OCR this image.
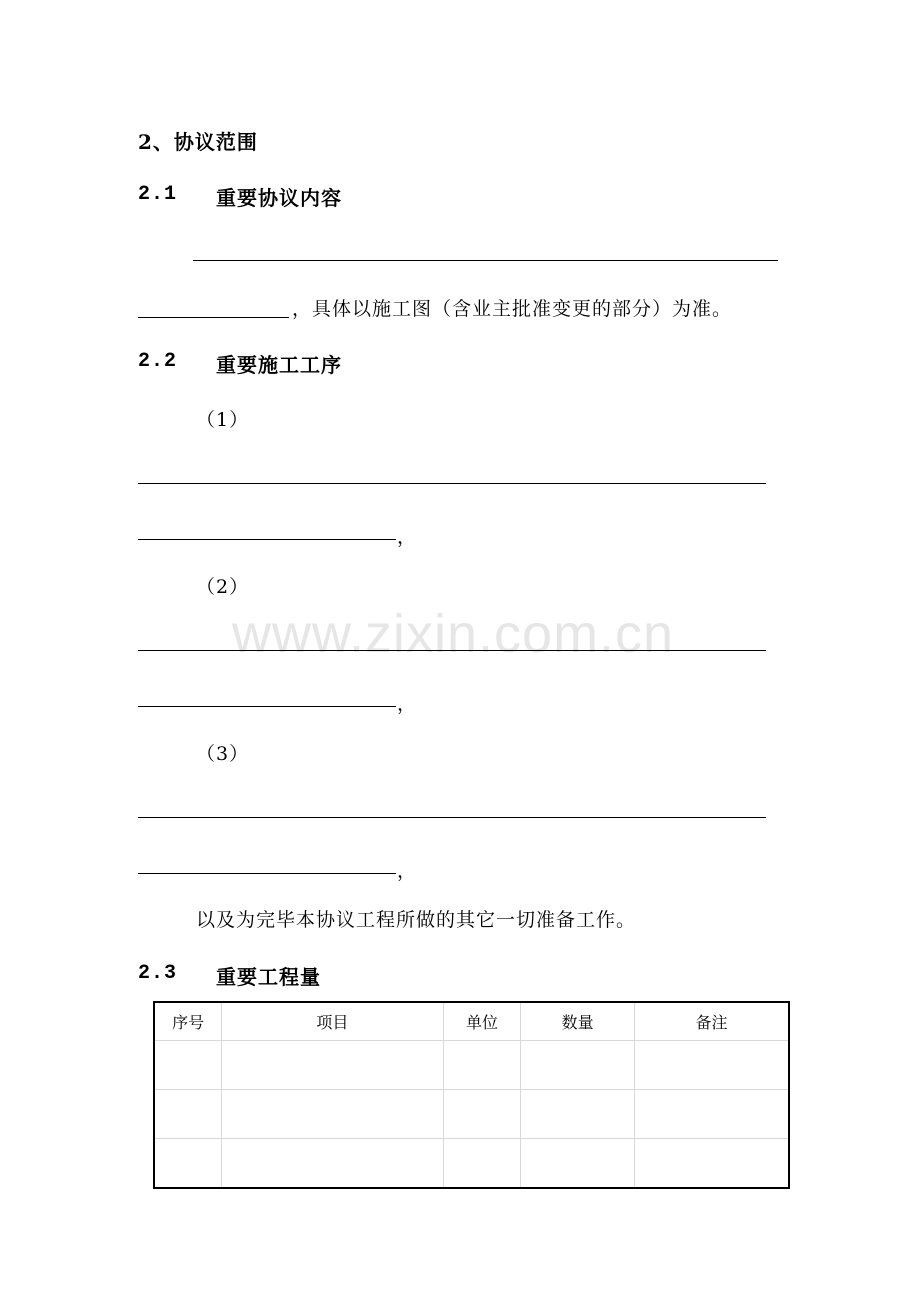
www.zixin.com.cn
2、协议范围
2.1 重要协议内容
，具体以施工图（含业主批准变更的部分）为准。
2.2 重要施工工序
（1）
，
（2）
，
（3）
，
以及为完毕本协议工程所做的其它一切准备工作。
2.3 重要工程量
序号	项目	单位	数量	备注
